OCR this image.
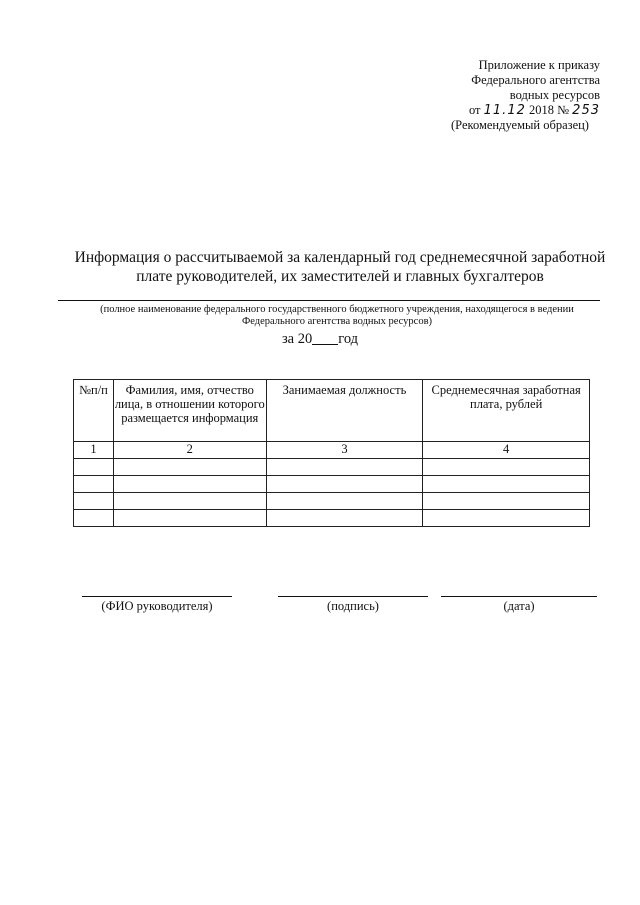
Приложение к приказу
Федерального агентства
водных ресурсов
от 11.12 2018 № 253
(Рекомендуемый образец)
Информация о рассчитываемой за календарный год среднемесячной заработной
плате руководителей, их заместителей и главных бухгалтеров
(полное наименование федерального государственного бюджетного учреждения, находящегося в ведении
Федерального агентства водных ресурсов)
за 20 год
№п/п	Фамилия, имя, отчество лица, в отношении которого размещается информация	Занимаемая должность	Среднемесячная заработная плата, рублей
1	2	3	4

(ФИО руководителя)	(подпись)	(дата)
